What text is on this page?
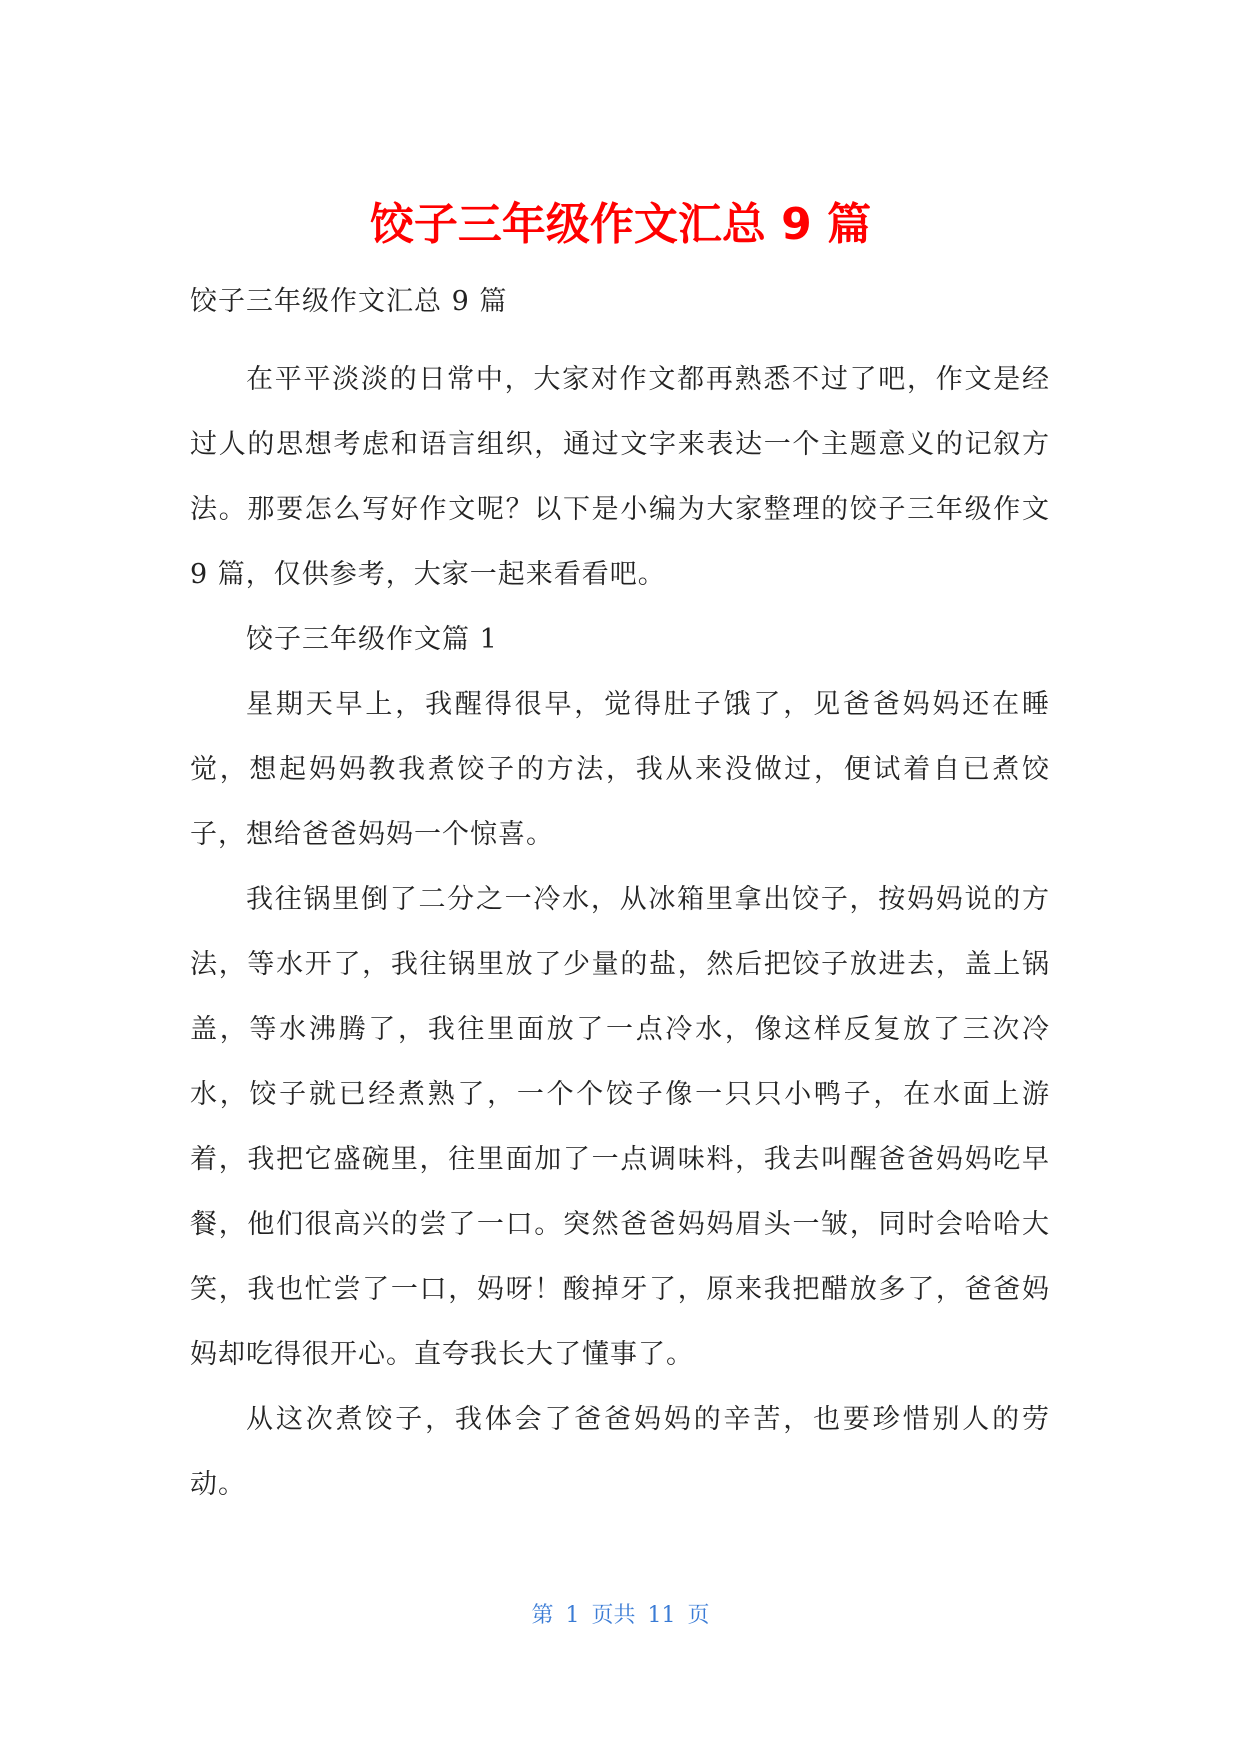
饺子三年级作文汇总 9 篇

饺子三年级作文汇总 9 篇

在平平淡淡的日常中，大家对作文都再熟悉不过了吧，作文是经过人的思想考虑和语言组织，通过文字来表达一个主题意义的记叙方法。那要怎么写好作文呢？以下是小编为大家整理的饺子三年级作文 9 篇，仅供参考，大家一起来看看吧。

饺子三年级作文篇 1

星期天早上，我醒得很早，觉得肚子饿了，见爸爸妈妈还在睡觉，想起妈妈教我煮饺子的方法，我从来没做过，便试着自已煮饺子，想给爸爸妈妈一个惊喜。

我往锅里倒了二分之一冷水，从冰箱里拿出饺子，按妈妈说的方法，等水开了，我往锅里放了少量的盐，然后把饺子放进去，盖上锅盖，等水沸腾了，我往里面放了一点冷水，像这样反复放了三次冷水，饺子就已经煮熟了，一个个饺子像一只只小鸭子，在水面上游着，我把它盛碗里，往里面加了一点调味料，我去叫醒爸爸妈妈吃早餐，他们很高兴的尝了一口。突然爸爸妈妈眉头一皱，同时会哈哈大笑，我也忙尝了一口，妈呀！酸掉牙了，原来我把醋放多了，爸爸妈妈却吃得很开心。直夸我长大了懂事了。

从这次煮饺子，我体会了爸爸妈妈的辛苦，也要珍惜别人的劳动。

第 1 页共 11 页
